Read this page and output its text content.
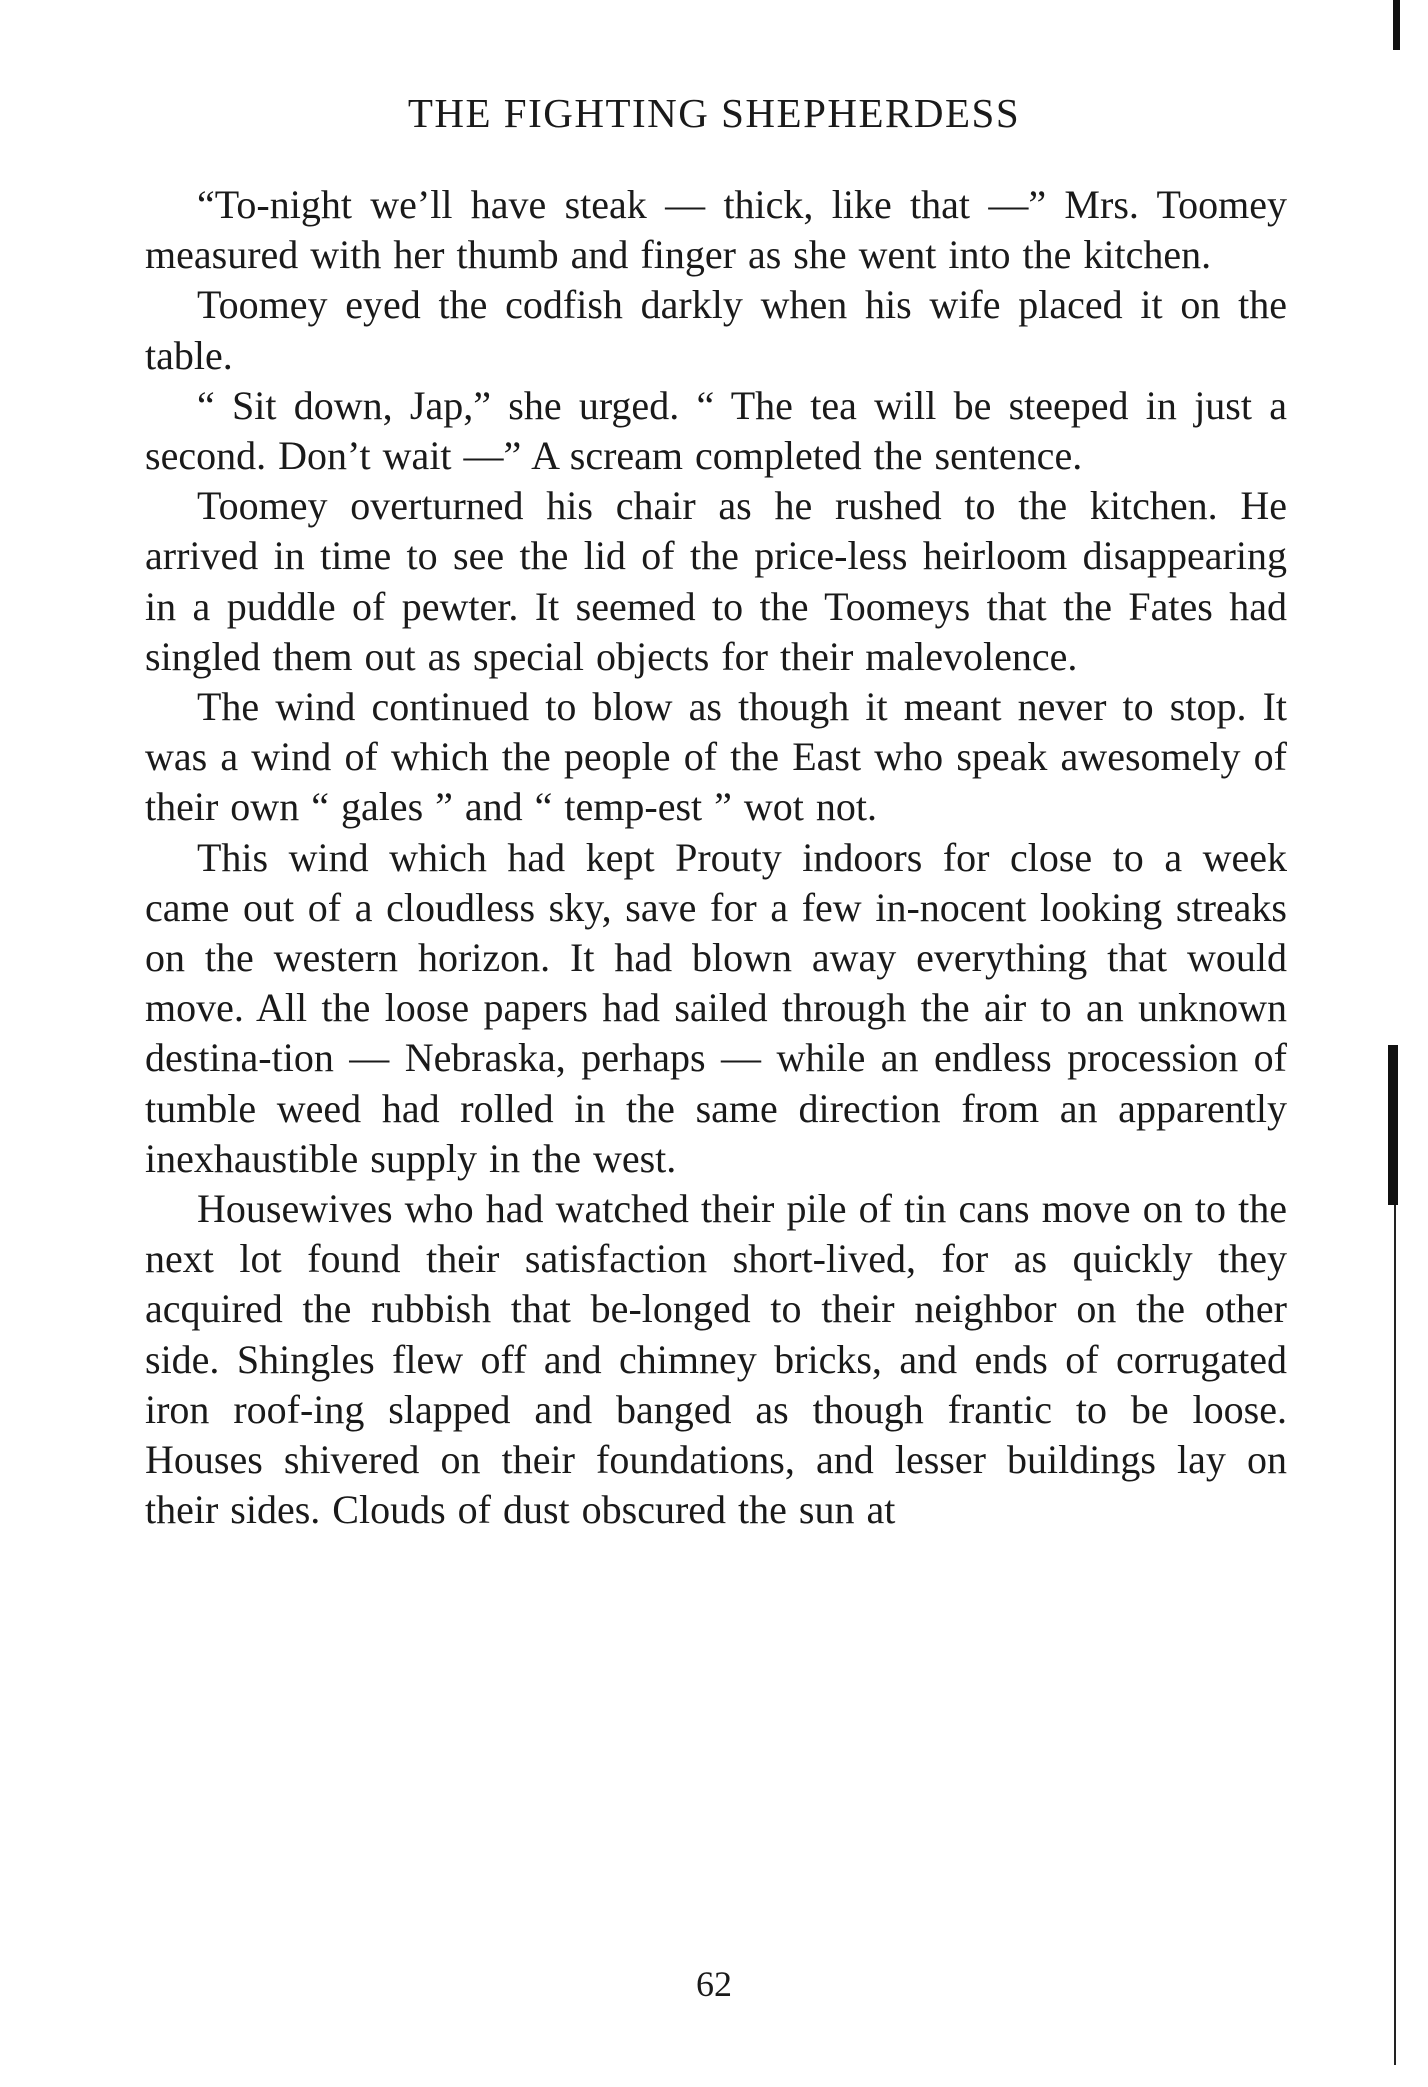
THE FIGHTING SHEPHERDESS

“To-night we’ll have steak — thick, like that —” Mrs. Toomey measured with her thumb and finger as she went into the kitchen.

Toomey eyed the codfish darkly when his wife placed it on the table.

“ Sit down, Jap,” she urged. “ The tea will be steeped in just a second. Don’t wait —” A scream completed the sentence.

Toomey overturned his chair as he rushed to the kitchen. He arrived in time to see the lid of the price-less heirloom disappearing in a puddle of pewter. It seemed to the Toomeys that the Fates had singled them out as special objects for their malevolence.

The wind continued to blow as though it meant never to stop. It was a wind of which the people of the East who speak awesomely of their own “ gales ” and “ temp-est ” wot not.

This wind which had kept Prouty indoors for close to a week came out of a cloudless sky, save for a few in-nocent looking streaks on the western horizon. It had blown away everything that would move. All the loose papers had sailed through the air to an unknown destina-tion — Nebraska, perhaps — while an endless procession of tumble weed had rolled in the same direction from an apparently inexhaustible supply in the west.

Housewives who had watched their pile of tin cans move on to the next lot found their satisfaction short-lived, for as quickly they acquired the rubbish that be-longed to their neighbor on the other side. Shingles flew off and chimney bricks, and ends of corrugated iron roof-ing slapped and banged as though frantic to be loose. Houses shivered on their foundations, and lesser buildings lay on their sides. Clouds of dust obscured the sun at

62
